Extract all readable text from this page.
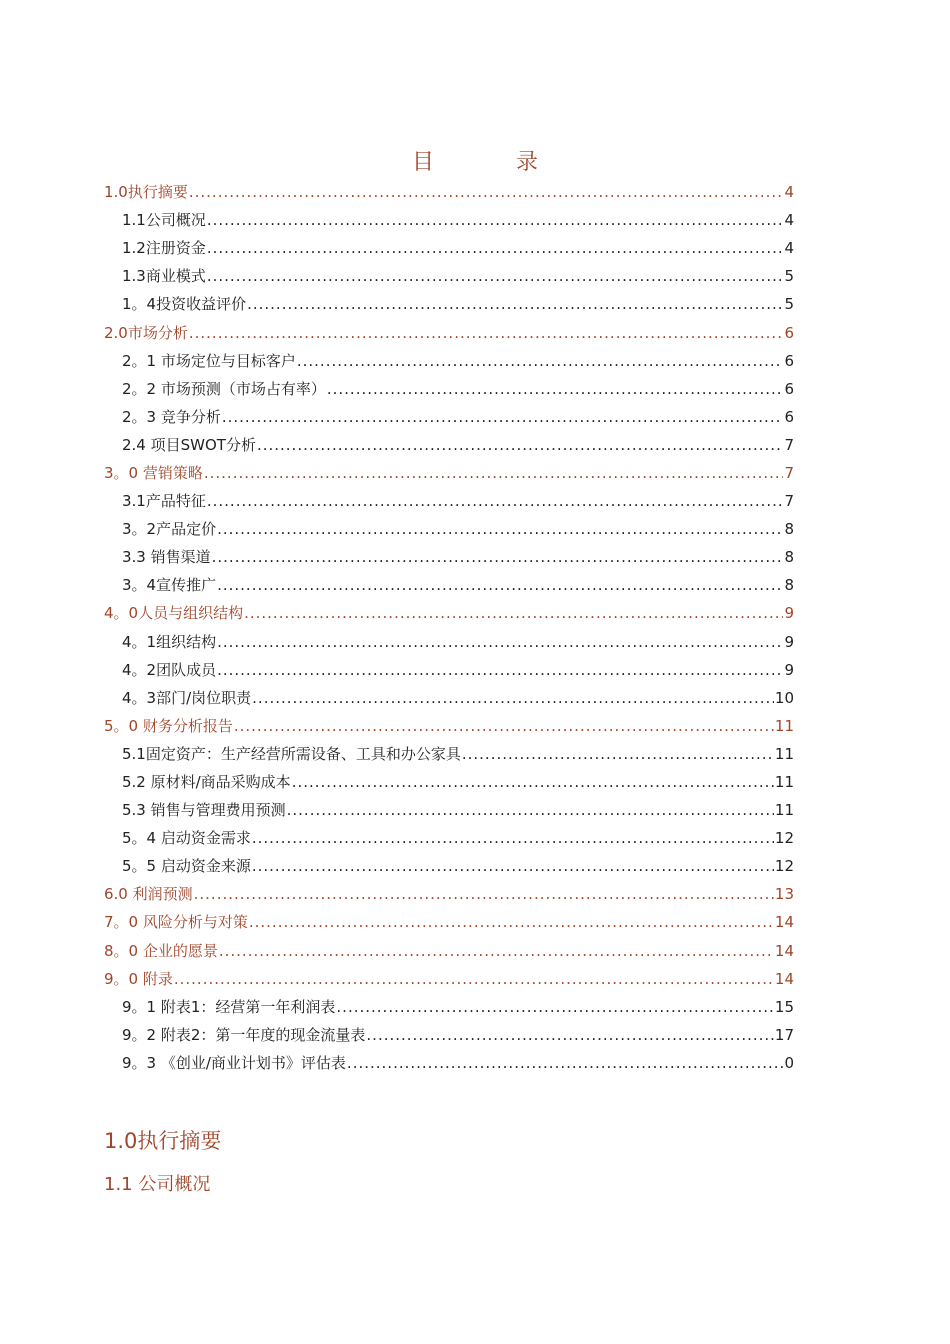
目　录
1.0执行摘要 .....	4
1.1公司概况 .....	4
1.2注册资金 .....	4
1.3商业模式 .....	5
1。4投资收益评价 .....	5
2.0市场分析 .....	6
2。1 市场定位与目标客户 .....	6
2。2 市场预测（市场占有率） .....	6
2。3 竞争分析 .....	6
2.4 项目SWOT分析 .....	7
3。0 营销策略 .....	7
3.1产品特征 .....	7
3。2产品定价 .....	8
3.3 销售渠道 .....	8
3。4宣传推广 .....	8
4。0人员与组织结构 .....	9
4。1组织结构 .....	9
4。2团队成员 .....	9
4。3部门/岗位职责 .....	10
5。0 财务分析报告 .....	11
5.1固定资产：生产经营所需设备、工具和办公家具 .....	11
5.2 原材料/商品采购成本 .....	11
5.3 销售与管理费用预测 .....	11
5。4 启动资金需求 .....	12
5。5 启动资金来源 .....	12
6.0 利润预测 .....	13
7。0 风险分析与对策 .....	14
8。0 企业的愿景 .....	14
9。0 附录 .....	14
9。1 附表1：经营第一年利润表 .....	15
9。2 附表2：第一年度的现金流量表 .....	17
9。3 《创业/商业计划书》评估表 .....	0
1.0执行摘要
1.1 公司概况
